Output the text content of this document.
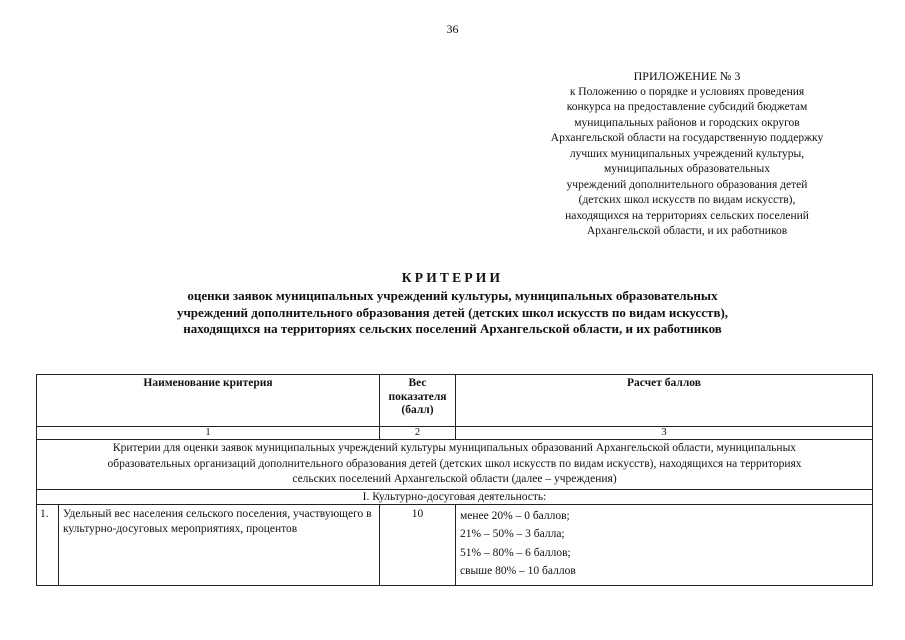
36
ПРИЛОЖЕНИЕ № 3
к Положению о порядке и условиях проведения
конкурса на предоставление субсидий бюджетам
муниципальных районов и городских округов
Архангельской области на государственную поддержку
лучших муниципальных учреждений культуры,
муниципальных образовательных
учреждений дополнительного образования детей
(детских школ искусств по видам искусств),
находящихся на территориях сельских поселений
Архангельской области, и их работников
КРИТЕРИИ
оценки заявок муниципальных учреждений культуры, муниципальных образовательных
учреждений дополнительного образования детей (детских школ искусств по видам искусств),
находящихся на территориях сельских поселений Архангельской области, и их работников
Наименование критерия		Вес показателя (балл)	Расчет баллов
1		2	3

Критерии для оценки заявок муниципальных учреждений культуры муниципальных образований Архангельской области, муниципальных
образовательных организаций дополнительного образования детей (детских школ искусств по видам искусств), находящихся на территориях
сельских поселений Архангельской области (далее – учреждения)			

I. Культурно-досуговая деятельность:			
1.	Удельный вес населения сельского поселения, участвующего в культурно-досуговых мероприятиях, процентов	10	менее 20% – 0 баллов;
21% – 50% – 3 балла;
51% – 80% – 6 баллов;
свыше 80% – 10 баллов
